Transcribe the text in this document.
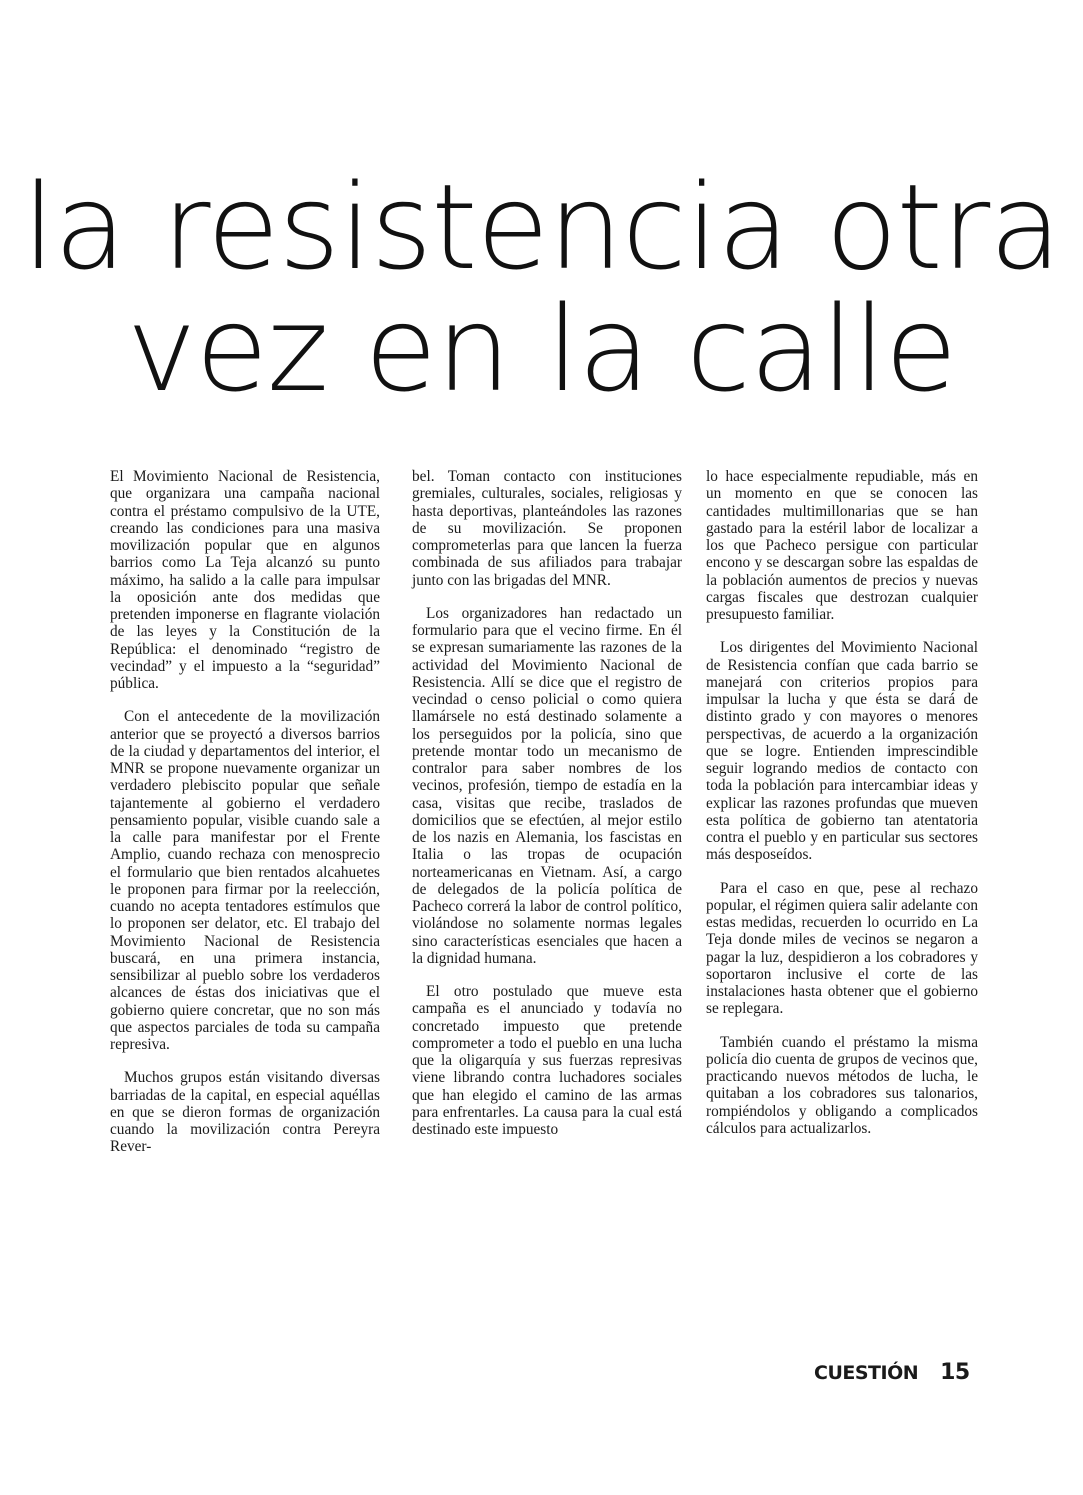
la resistencia otra
vez en la calle

El Movimiento Nacional de Resistencia, que organizara una campaña nacional contra el préstamo compulsivo de la UTE, creando las condiciones para una masiva movilización popular que en algunos barrios como La Teja alcanzó su punto máximo, ha salido a la calle para impulsar la oposición ante dos medidas que pretenden imponerse en flagrante violación de las leyes y la Constitución de la República: el denominado “registro de vecindad” y el impuesto a la “seguridad” pública.

Con el antecedente de la movilización anterior que se proyectó a diversos barrios de la ciudad y departamentos del interior, el MNR se propone nuevamente organizar un verdadero plebiscito popular que señale tajantemente al gobierno el verdadero pensamiento popular, visible cuando sale a la calle para manifestar por el Frente Amplio, cuando rechaza con menosprecio el formulario que bien rentados alcahuetes le proponen para firmar por la reelección, cuando no acepta tentadores estímulos que lo proponen ser delator, etc. El trabajo del Movimiento Nacional de Resistencia buscará, en una primera instancia, sensibilizar al pueblo sobre los verdaderos alcances de éstas dos iniciativas que el gobierno quiere concretar, que no son más que aspectos parciales de toda su campaña represiva.

Muchos grupos están visitando diversas barriadas de la capital, en especial aquéllas en que se dieron formas de organización cuando la movilización contra Pereyra Rever-

bel. Toman contacto con instituciones gremiales, culturales, sociales, religiosas y hasta deportivas, planteándoles las razones de su movilización. Se proponen comprometerlas para que lancen la fuerza combinada de sus afiliados para trabajar junto con las brigadas del MNR.

Los organizadores han redactado un formulario para que el vecino firme. En él se expresan sumariamente las razones de la actividad del Movimiento Nacional de Resistencia. Allí se dice que el registro de vecindad o censo policial o como quiera llamársele no está destinado solamente a los perseguidos por la policía, sino que pretende montar todo un mecanismo de contralor para saber nombres de los vecinos, profesión, tiempo de estadía en la casa, visitas que recibe, traslados de domicilios que se efectúen, al mejor estilo de los nazis en Alemania, los fascistas en Italia o las tropas de ocupación norteamericanas en Vietnam. Así, a cargo de delegados de la policía política de Pacheco correrá la labor de control político, violándose no solamente normas legales sino características esenciales que hacen a la dignidad humana.

El otro postulado que mueve esta campaña es el anunciado y todavía no concretado impuesto que pretende comprometer a todo el pueblo en una lucha que la oligarquía y sus fuerzas represivas viene librando contra luchadores sociales que han elegido el camino de las armas para enfrentarles. La causa para la cual está destinado este impuesto

lo hace especialmente repudiable, más en un momento en que se conocen las cantidades multimillonarias que se han gastado para la estéril labor de localizar a los que Pacheco persigue con particular encono y se descargan sobre las espaldas de la población aumentos de precios y nuevas cargas fiscales que destrozan cualquier presupuesto familiar.

Los dirigentes del Movimiento Nacional de Resistencia confían que cada barrio se manejará con criterios propios para impulsar la lucha y que ésta se dará de distinto grado y con mayores o menores perspectivas, de acuerdo a la organización que se logre. Entienden imprescindible seguir logrando medios de contacto con toda la población para intercambiar ideas y explicar las razones profundas que mueven esta política de gobierno tan atentatoria contra el pueblo y en particular sus sectores más desposeídos.

Para el caso en que, pese al rechazo popular, el régimen quiera salir adelante con estas medidas, recuerden lo ocurrido en La Teja donde miles de vecinos se negaron a pagar la luz, despidieron a los cobradores y soportaron inclusive el corte de las instalaciones hasta obtener que el gobierno se replegara.

También cuando el préstamo la misma policía dio cuenta de grupos de vecinos que, practicando nuevos métodos de lucha, le quitaban a los cobradores sus talonarios, rompiéndolos y obligando a complicados cálculos para actualizarlos.

CUESTIÓN 15
